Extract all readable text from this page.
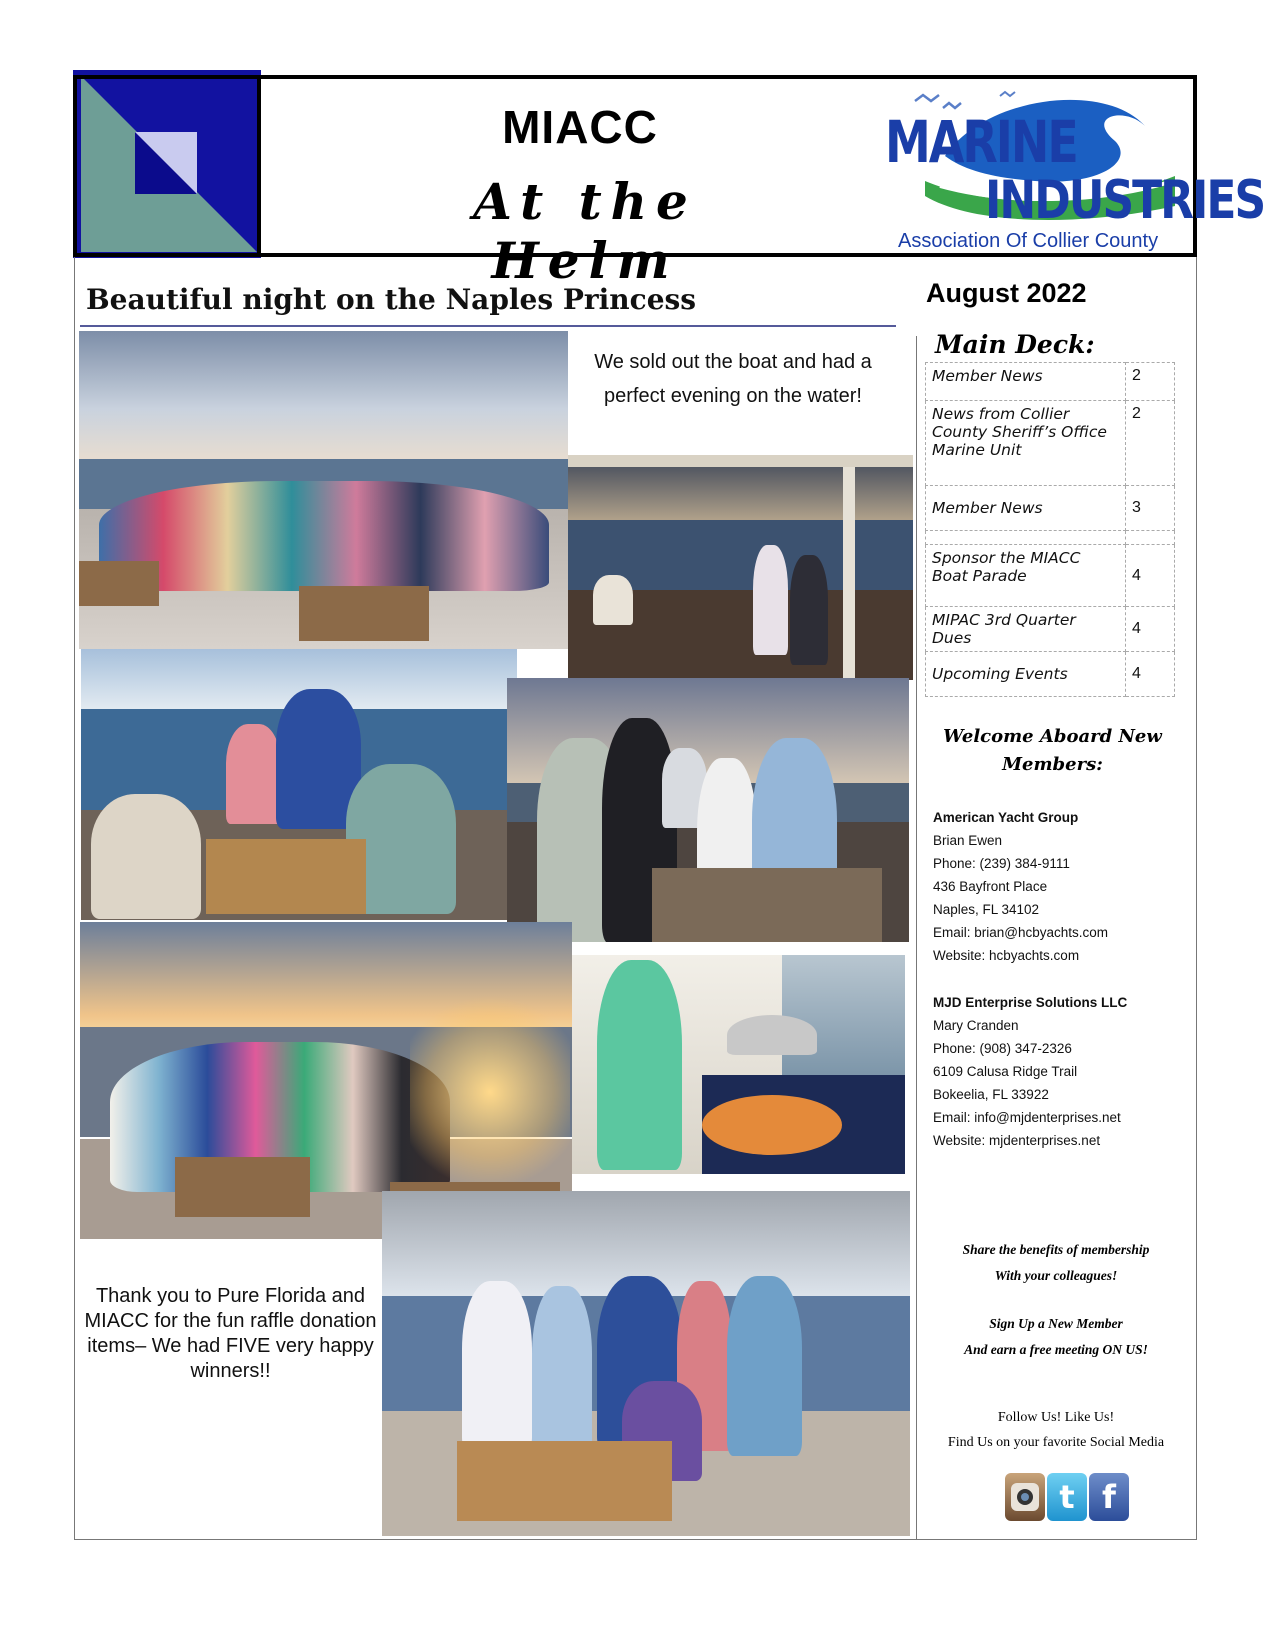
MIACC
At the Helm
MARINE
INDUSTRIES
Association Of Collier County
Beautiful night on the Naples Princess
We sold out the boat and had a perfect evening on the water!
Thank you to Pure Florida and MIACC for the fun raffle donation items– We had FIVE very happy winners!!
August 2022
Main Deck:
Member News	2
News from Collier County Sheriff’s Office Marine Unit	2
Member News	3

Sponsor the MIACC Boat Parade	4
MIPAC 3rd Quarter Dues	4
Upcoming Events	4
Welcome Aboard New Members:
American Yacht Group
Brian Ewen
Phone: (239) 384-9111
436 Bayfront Place
Naples, FL 34102
Email: brian@hcbyachts.com
Website: hcbyachts.com
MJD Enterprise Solutions LLC
Mary Cranden
Phone: (908) 347-2326
6109 Calusa Ridge Trail
Bokeelia, FL 33922
Email: info@mjdenterprises.net
Website: mjdenterprises.net
Share the benefits of membership
With your colleagues!
Sign Up a New Member
And earn a free meeting ON US!
Follow Us! Like Us!
Find Us on your favorite Social Media
t f
